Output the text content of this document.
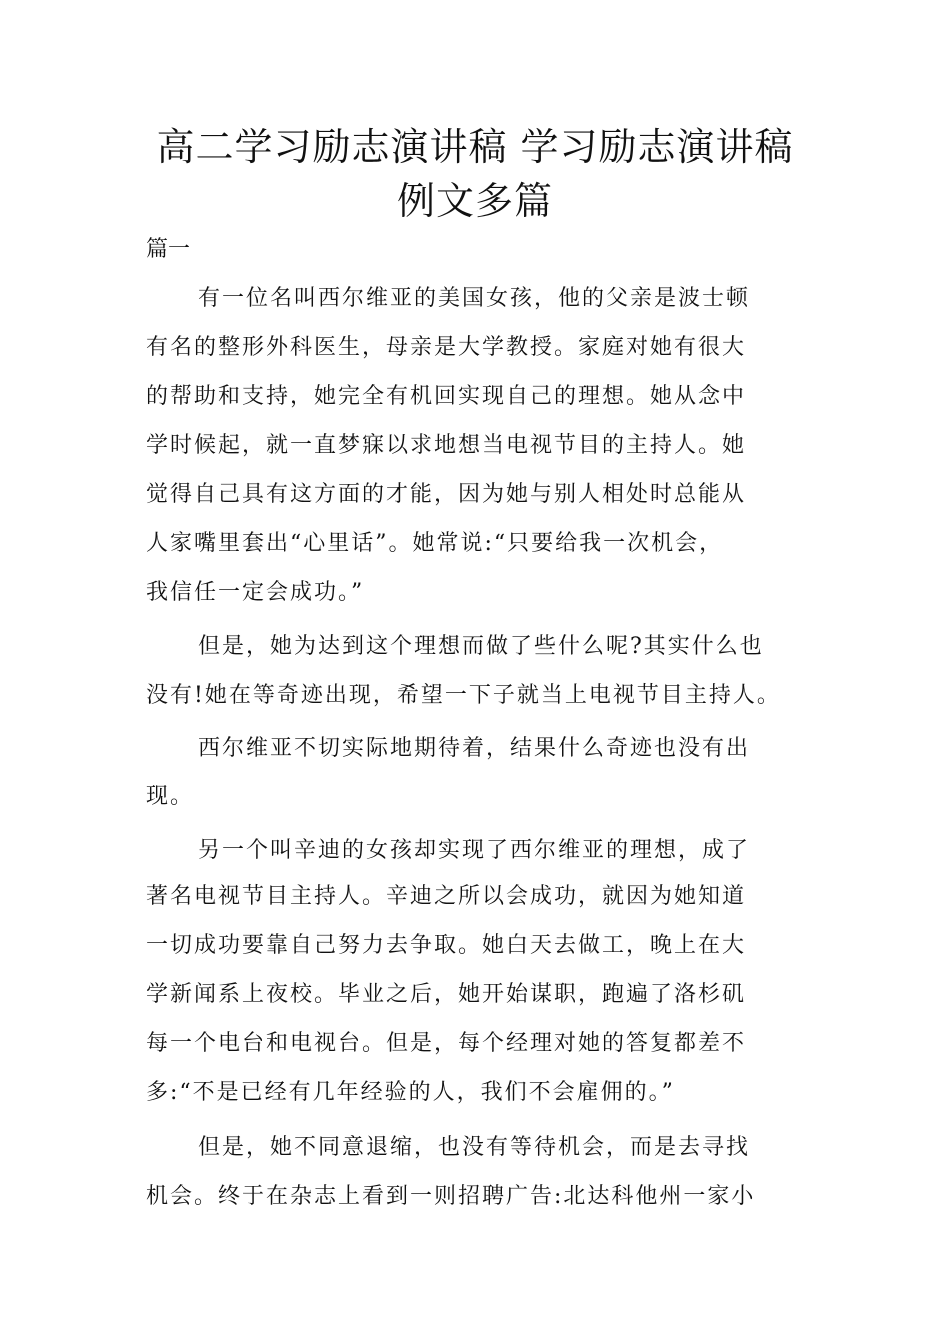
高二学习励志演讲稿 学习励志演讲稿
例文多篇
篇一
有一位名叫西尔维亚的美国女孩，他的父亲是波士顿
有名的整形外科医生，母亲是大学教授。家庭对她有很大
的帮助和支持，她完全有机回实现自己的理想。她从念中
学时候起，就一直梦寐以求地想当电视节目的主持人。她
觉得自己具有这方面的才能，因为她与别人相处时总能从
人家嘴里套出“心里话”。她常说:“只要给我一次机会，
我信任一定会成功。”
但是，她为达到这个理想而做了些什么呢?其实什么也
没有!她在等奇迹出现，希望一下子就当上电视节目主持人。
西尔维亚不切实际地期待着，结果什么奇迹也没有出
现。
另一个叫辛迪的女孩却实现了西尔维亚的理想，成了
著名电视节目主持人。辛迪之所以会成功，就因为她知道
一切成功要靠自己努力去争取。她白天去做工，晚上在大
学新闻系上夜校。毕业之后，她开始谋职，跑遍了洛杉矶
每一个电台和电视台。但是，每个经理对她的答复都差不
多:“不是已经有几年经验的人，我们不会雇佣的。”
但是，她不同意退缩，也没有等待机会，而是去寻找
机会。终于在杂志上看到一则招聘广告:北达科他州一家小
